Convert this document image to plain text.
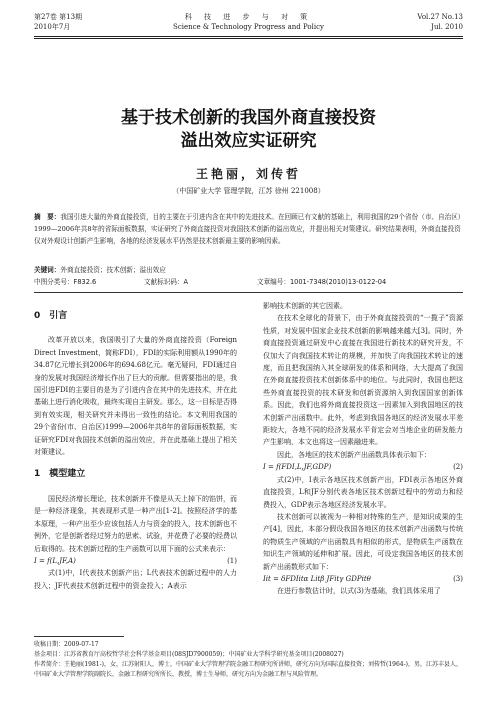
第27卷 第13期
2010年7月
科 技 进 步 与 对 策
Science & Technology Progress and Policy
Vol.27 No.13
Jul. 2010
基于技术创新的我国外商直接投资
溢出效应实证研究
王艳丽，刘传哲
（中国矿业大学 管理学院，江苏 徐州 221008）
摘　要：我国引进大量的外商直接投资，目的主要在于引进内含在其中的先进技术。在回顾已有文献的基础上，利用我国的29个省份（市、自治区）1999—2006年共8年的省际面板数据，实证研究了外商直接投资对我国技术创新的溢出效应，并提出相关对策建议。研究结果表明，外商直接投资仅对外观设计创新产生影响，各地的经济发展水平仍然是技术创新最主要的影响因素。
关键词：外商直接投资；技术创新；溢出效应
中图分类号：F832.6	文献标识码：A	文章编号：1001-7348(2010)13-0122-04
0　引言

改革开放以来，我国吸引了大量的外商直接投资（Foreign Direct Investment，简称FDI），FDI的实际利用额从1990年的34.87亿元增长到2006年的694.68亿元。毫无疑问，FDI通过自身的发展对我国经济增长作出了巨大的贡献。但需要指出的是，我国引进FDI的主要目的是为了引进内含在其中的先进技术，并在此基础上进行消化吸收，最终实现自主研发。那么，这一目标是否得到有效实现，相关研究并未得出一致性的结论。本文利用我国的29个省份(市、自治区)1999—2006年共8年的省际面板数据，实证研究FDI对我国技术创新的溢出效应，并在此基础上提出了相关对策建议。

1　模型建立

国民经济增长理论，技术创新并不像是从天上掉下的馅饼，而是一种经济现象，其表现形式是一种产出[1-2]。按照经济学的基本原理，一种产出至少应该包括人力与资金的投入，技术创新也不例外，它是创新者经过努力的思索、试验，并花费了必要的经费以后取得的。技术创新过程的生产函数可以用下面的公式来表示：

I = f(L,JF,A)	(1)

式(1)中，I代表技术创新产出；L代表技术创新过程中的人力投入；JF代表技术创新过程中的资金投入；A表示

影响技术创新的其它因素。

在技术全球化的背景下，由于外商直接投资的“一揽子”资源性质，对发展中国家企业技术创新的影响越来越大[3]。同时，外商直接投资通过研发中心直接在我国进行新技术的研究开发，不仅加大了向我国技术转让的规模，并加快了向我国技术转让的速度，而且把我国纳入其全球研发的体系和网络，大大提高了我国在外商直接投资技术创新体系中的地位。与此同时，我国也把这些外商直接投资的技术研发和创新资源纳入到我国国家创新体系。因此，我们也将外商直接投资这一因素加入到我国地区的技术创新产出函数中。此外，考虑到我国各地区的经济发展水平差距较大，各地不同的经济发展水平肯定会对当地企业的研发能力产生影响，本文也将这一因素融进来。

因此，各地区的技术创新产出函数具体表示如下：

I = f(FDI,L,JF,GDP)	(2)

式(2)中，I表示各地区技术创新产出，FDI表示各地区外商直接投资，L和JF分别代表各地区技术创新过程中的劳动力和经费投入，GDP表示各地区经济发展水平。

技术创新可以被视为一种相对特殊的生产，是知识成果的生产[4]，因此，本部分假设我国各地区的技术创新产出函数与传统的物质生产领域的产出函数具有相似的形式，是物质生产函数在知识生产领域的延伸和扩展。因此，可设定我国各地区的技术创新产出函数形式如下：

Iit = δFDIitα Litβ JFitγ GDPitθ	(3)

在进行参数估计时，以式(3)为基础，我们具体采用了

收稿日期：2009-07-17
基金项目：江苏省教育厅高校哲学社会科学基金项目(08SJD7900059)；中国矿业大学科学研究基金项目(2008027)
作者简介：王艳丽(1981-)，女，江苏射阳人，博士，中国矿业大学管理学院金融工程研究所讲师，研究方向为国际直接投资；刘传哲(1964-)，男，江苏丰县人，中国矿业大学管理学院副院长，金融工程研究所所长，教授，博士生导师，研究方向为金融工程与风险管理。
